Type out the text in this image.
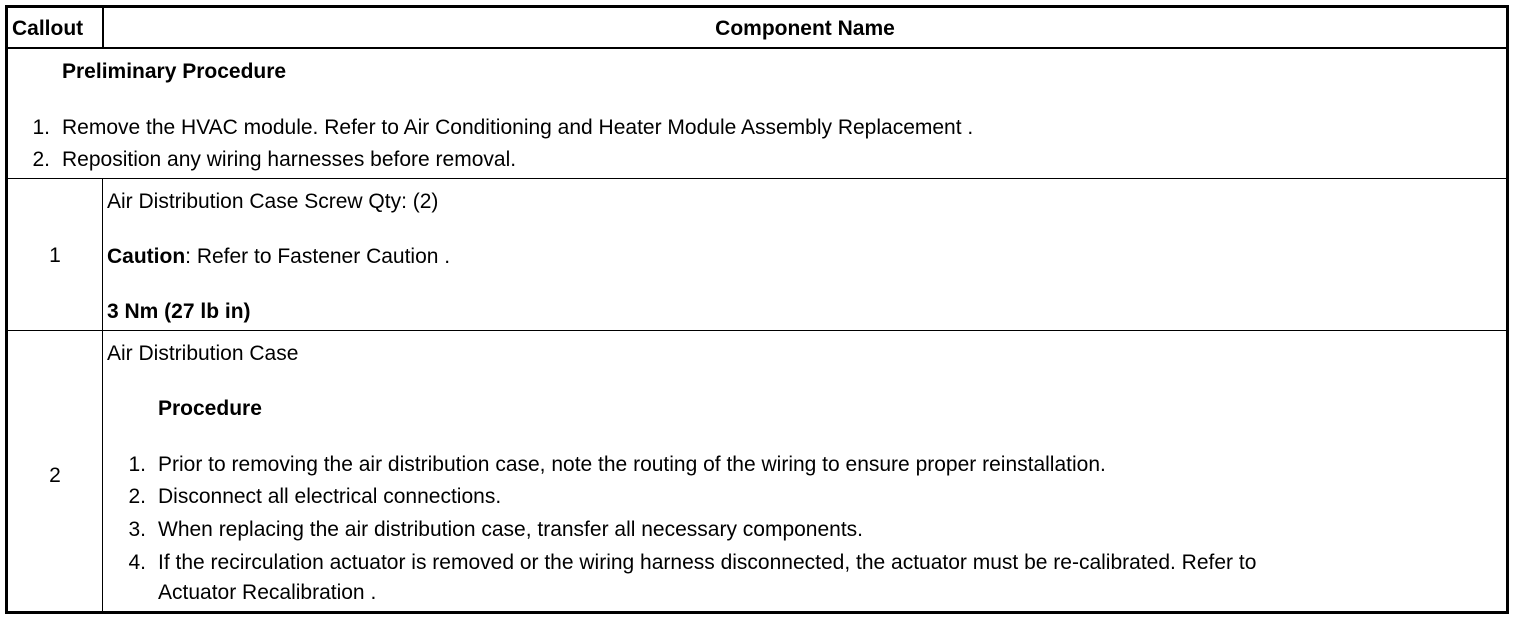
Callout	Component Name
Preliminary Procedure
1. Remove the HVAC module. Refer to Air Conditioning and Heater Module Assembly Replacement .
2. Reposition any wiring harnesses before removal.
1
Air Distribution Case Screw Qty: (2)
Caution: Refer to Fastener Caution .
3 Nm (27 lb in)
2
Air Distribution Case
Procedure
1. Prior to removing the air distribution case, note the routing of the wiring to ensure proper reinstallation.
2. Disconnect all electrical connections.
3. When replacing the air distribution case, transfer all necessary components.
4. If the recirculation actuator is removed or the wiring harness disconnected, the actuator must be re-calibrated. Refer to
Actuator Recalibration .
